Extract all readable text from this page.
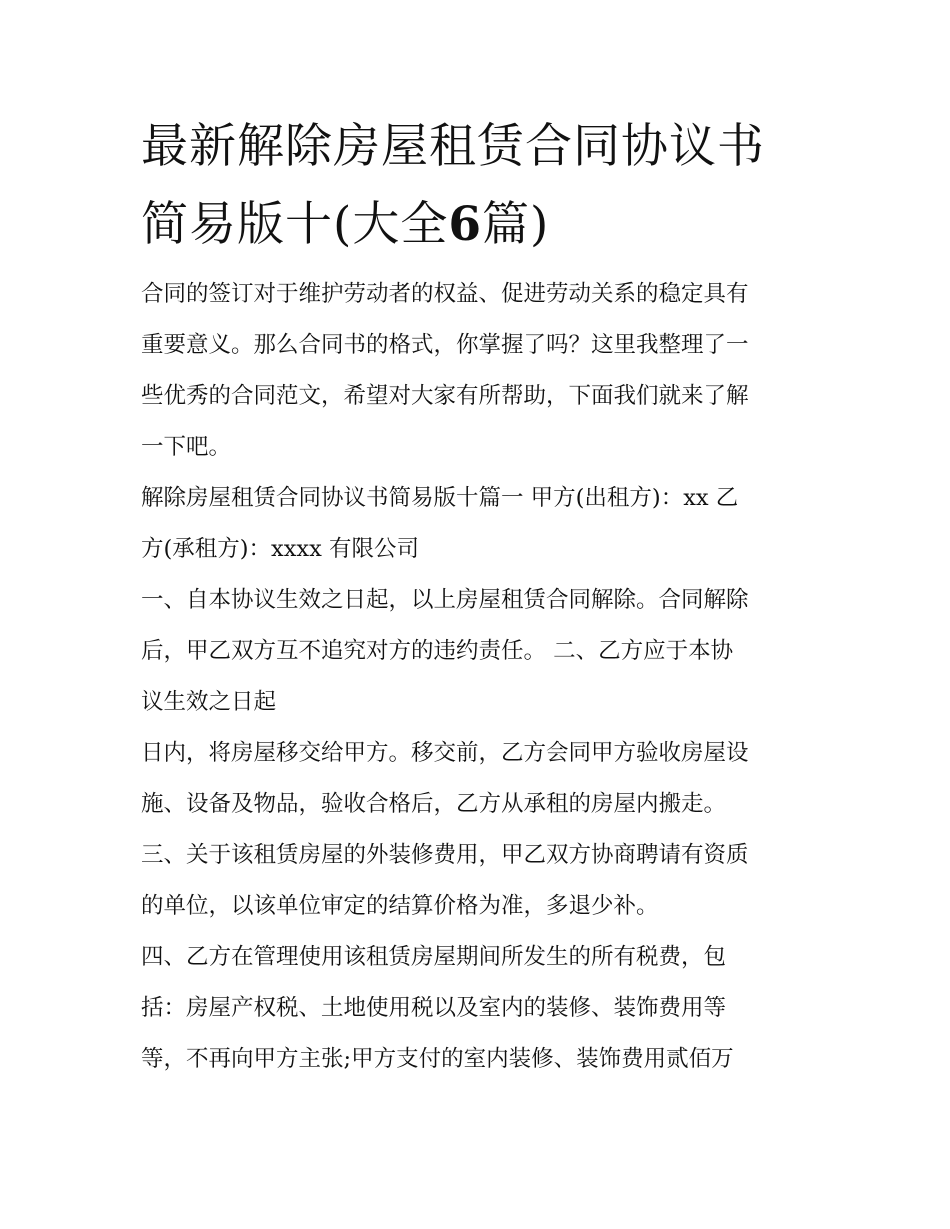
最新解除房屋租赁合同协议书
简易版十(大全6篇)
合同的签订对于维护劳动者的权益、促进劳动关系的稳定具有
重要意义。那么合同书的格式，你掌握了吗？这里我整理了一
些优秀的合同范文，希望对大家有所帮助，下面我们就来了解
一下吧。
解除房屋租赁合同协议书简易版十篇一 甲方(出租方)：xx 乙
方(承租方)：xxxx 有限公司
一、自本协议生效之日起，以上房屋租赁合同解除。合同解除
后，甲乙双方互不追究对方的违约责任。 二、乙方应于本协
议生效之日起
日内，将房屋移交给甲方。移交前，乙方会同甲方验收房屋设
施、设备及物品，验收合格后，乙方从承租的房屋内搬走。
三、关于该租赁房屋的外装修费用，甲乙双方协商聘请有资质
的单位，以该单位审定的结算价格为准，多退少补。
四、乙方在管理使用该租赁房屋期间所发生的所有税费，包
括：房屋产权税、土地使用税以及室内的装修、装饰费用等
等，不再向甲方主张;甲方支付的室内装修、装饰费用贰佰万
